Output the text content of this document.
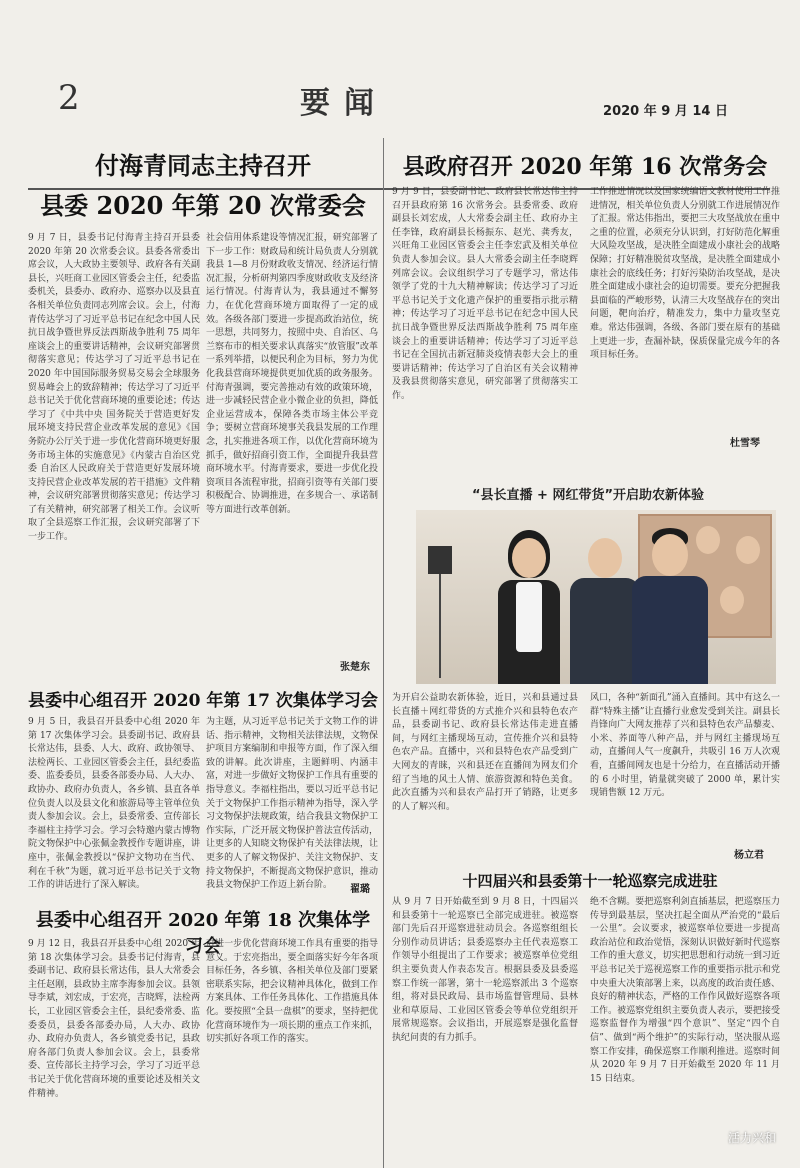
2	要闻	2020 年 9 月 14 日
付海青同志主持召开
县委 2020 年第 20 次常委会
9 月 7 日，县委书记付海青主持召开县委 2020 年第 20 次常委会议。县委各常委出席会议，人大政协主要领导、政府各有关副县长，兴旺商工业园区管委会主任，纪委监委机关，县委办、政府办、巡察办以及县直各相关单位负责同志列席会议。会上，付海青传达学习了习近平总书记在纪念中国人民抗日战争暨世界反法西斯战争胜利 75 周年座谈会上的重要讲话精神，会议研究部署贯彻落实意见；传达学习了习近平总书记在 2020 年中国国际服务贸易交易会全球服务贸易峰会上的致辞精神；传达学习了习近平总书记关于优化营商环境的重要论述；传达学习了《中共中央 国务院关于营造更好发展环境支持民营企业改革发展的意见》《国务院办公厅关于进一步优化营商环境更好服务市场主体的实施意见》《内蒙古自治区党委 自治区人民政府关于营造更好发展环境支持民营企业改革发展的若干措施》文件精神，会议研究部署贯彻落实意见；传达学习了有关精神，研究部署了相关工作。会议听取了全县巡察工作汇报，会议研究部署了下一步工作。
社会信用体系建设等情况汇报，研究部署了下一步工作：财政局和统计局负责人分别就我县 1—8 月份财政收支情况、经济运行情况汇报，分析研判第四季度财政收支及经济运行情况。付海青认为，我县通过不懈努力，在优化营商环境方面取得了一定的成效。各级各部门要进一步提高政治站位，统一思想，共同努力，按照中央、自治区、乌兰察布市的相关要求认真落实“放管服”改革一系列举措，以便民利企为目标，努力为优化我县营商环境提供更加优质的政务服务。付海青强调，要完善推动有效的政策环境，进一步减轻民营企业小微企业的负担，降低企业运营成本，保障各类市场主体公平竞争；要树立营商环境事关我县发展的工作理念，扎实推进各项工作，以优化营商环境为抓手，做好招商引资工作，全面提升我县营商环境水平。付海青要求，要进一步优化投资项目各流程审批，招商引资等有关部门要积极配合、协调推进，在多规合一、承诺制等方面进行改革创新。
张楚东
县委中心组召开 2020 年第 17 次集体学习会
9 月 5 日，我县召开县委中心组 2020 年第 17 次集体学习会。县委副书记、政府县长常达伟，县委、人大、政府、政协领导、法检两长、工业园区管委会主任，县纪委监委、监委委员，县委各部委办局、人大办、政协办、政府办负责人，各乡镇、县直各单位负责人以及县文化和旅游局等主管单位负责人参加会议。会上，县委常委、宣传部长李福柱主持学习会。学习会特邀内蒙古博物院文物保护中心张佩金教授作专题讲座，讲座中，张佩金教授以“保护文物功在当代、利在千秋”为题，就习近平总书记关于文物工作的讲话进行了深入解读。
为主题，从习近平总书记关于文物工作的讲话、指示精神，文物相关法律法规，文物保护项目方案编制和申报等方面，作了深入细致的讲解。此次讲座，主题鲜明、内涵丰富，对进一步做好文物保护工作具有重要的指导意义。李福柱指出，要以习近平总书记关于文物保护工作指示精神为指导，深入学习文物保护法规政策，结合我县文物保护工作实际，广泛开展文物保护普法宣传活动，让更多的人知晓文物保护有关法律法规，让更多的人了解文物保护、关注文物保护、支持文物保护，不断提高文物保护意识，推动我县文物保护工作迈上新台阶。	翟璐
县委中心组召开 2020 年第 18 次集体学习会
9 月 12 日，我县召开县委中心组 2020 年第 18 次集体学习会。县委书记付海青，县委副书记、政府县长常达伟，县人大常委会主任赵刚，县政协主席李海参加会议。县领导李斌，刘宏成，于宏亮，吉晓辉，法检两长，工业园区管委会主任，县纪委常委、监委委员，县委各部委办局，人大办、政协办、政府办负责人，各乡镇党委书记，县政府各部门负责人参加会议。会上，县委常委、宣传部长主持学习会，学习了习近平总书记关于优化营商环境的重要论述及相关文件精神。
对进一步优化营商环境工作具有重要的指导意义。于宏亮指出，要全面落实好今年各项目标任务，各乡镇、各相关单位及部门要紧密联系实际，把会议精神具体化，做到工作方案具体、工作任务具体化、工作措施具体化。要按照“全县一盘棋”的要求，坚持把优化营商环境作为一项长期的重点工作来抓，切实抓好各项工作的落实。
县政府召开 2020 年第 16 次常务会
9 月 9 日，县委副书记、政府县长常达伟主持召开县政府第 16 次常务会。县委常委、政府副县长刘宏成，人大常委会副主任、政府办主任李锋，政府副县长杨振东、赵光、龚秀友，兴旺角工业园区管委会主任李宏武及相关单位负责人参加会议。县人大常委会副主任李晓辉列席会议。会议组织学习了专题学习，常达伟领学了党的十九大精神解读；传达学习了习近平总书记关于文化遗产保护的重要指示批示精神；传达学习了习近平总书记在纪念中国人民抗日战争暨世界反法西斯战争胜利 75 周年座谈会上的重要讲话精神；传达学习了习近平总书记在全国抗击新冠肺炎疫情表彰大会上的重要讲话精神；传达学习了自治区有关会议精神及我县贯彻落实意见，研究部署了贯彻落实工作。
工作推进情况以及国家统编语文教材使用工作推进情况，相关单位负责人分别就工作进展情况作了汇报。常达伟指出，要把三大攻坚战放在重中之重的位置，必须充分认识到，打好防范化解重大风险攻坚战，是决胜全面建成小康社会的战略保障；打好精准脱贫攻坚战，是决胜全面建成小康社会的底线任务；打好污染防治攻坚战，是决胜全面建成小康社会的迫切需要。要充分把握我县面临的严峻形势，认清三大攻坚战存在的突出问题，靶向治疗，精准发力，集中力量攻坚克难。常达伟强调，各级、各部门要在原有的基础上更进一步，查漏补缺，保质保量完成今年的各项目标任务。
杜雪琴
“县长直播 + 网红带货”开启助农新体验
为开启公益助农新体验，近日，兴和县通过县长直播＋网红带货的方式推介兴和县特色农产品，县委副书记、政府县长常达伟走进直播间，与网红主播现场互动，宣传推介兴和县特色农产品。直播中，兴和县特色农产品受到广大网友的青睐，兴和县还在直播间为网友们介绍了当地的风土人情、旅游资源和特色美食。此次直播为兴和县农产品打开了销路，让更多的人了解兴和。
风口，各种“新面孔”涌入直播间。其中有这么一群“特殊主播”让直播行业愈发受到关注。副县长肖锋向广大网友推荐了兴和县特色农产品藜麦、小米、荞面等八种产品，并与网红主播现场互动，直播间人气一度飙升，共吸引 16 万人次观看，直播间网友也是十分给力，在直播活动开播的 6 小时里，销量就突破了 2000 单，累计实现销售额 12 万元。
杨立君
十四届兴和县委第十一轮巡察完成进驻
从 9 月 7 日开始截至到 9 月 8 日，十四届兴和县委第十一轮巡察已全部完成进驻。被巡察部门先后召开巡察进驻动员会。各巡察组组长分别作动员讲话；县委巡察办主任代表巡察工作领导小组提出了工作要求；被巡察单位党组织主要负责人作表态发言。根据县委及县委巡察工作统一部署，第十一轮巡察派出 3 个巡察组，将对县民政局、县市场监督管理局、县林业和草原局、工业园区管委会等单位党组织开展常规巡察。会议指出，开展巡察是强化监督执纪问责的有力抓手。
绝不含糊。要把巡察利剑直插基层，把巡察压力传导到最基层，坚决扛起全面从严治党的“最后一公里”。会议要求，被巡察单位要进一步提高政治站位和政治觉悟，深刻认识做好新时代巡察工作的重大意义，切实把思想和行动统一到习近平总书记关于巡视巡察工作的重要指示批示和党中央重大决策部署上来，以高度的政治责任感、良好的精神状态，严格的工作作风做好巡察各项工作。被巡察党组织主要负责人表示，要把接受巡察监督作为增强“四个意识”、坚定“四个自信”、做到“两个维护”的实际行动，坚决服从巡察工作安排，确保巡察工作顺利推进。巡察时间从 2020 年 9 月 7 日开始截至 2020 年 11 月 15 日结束。
活力兴和
